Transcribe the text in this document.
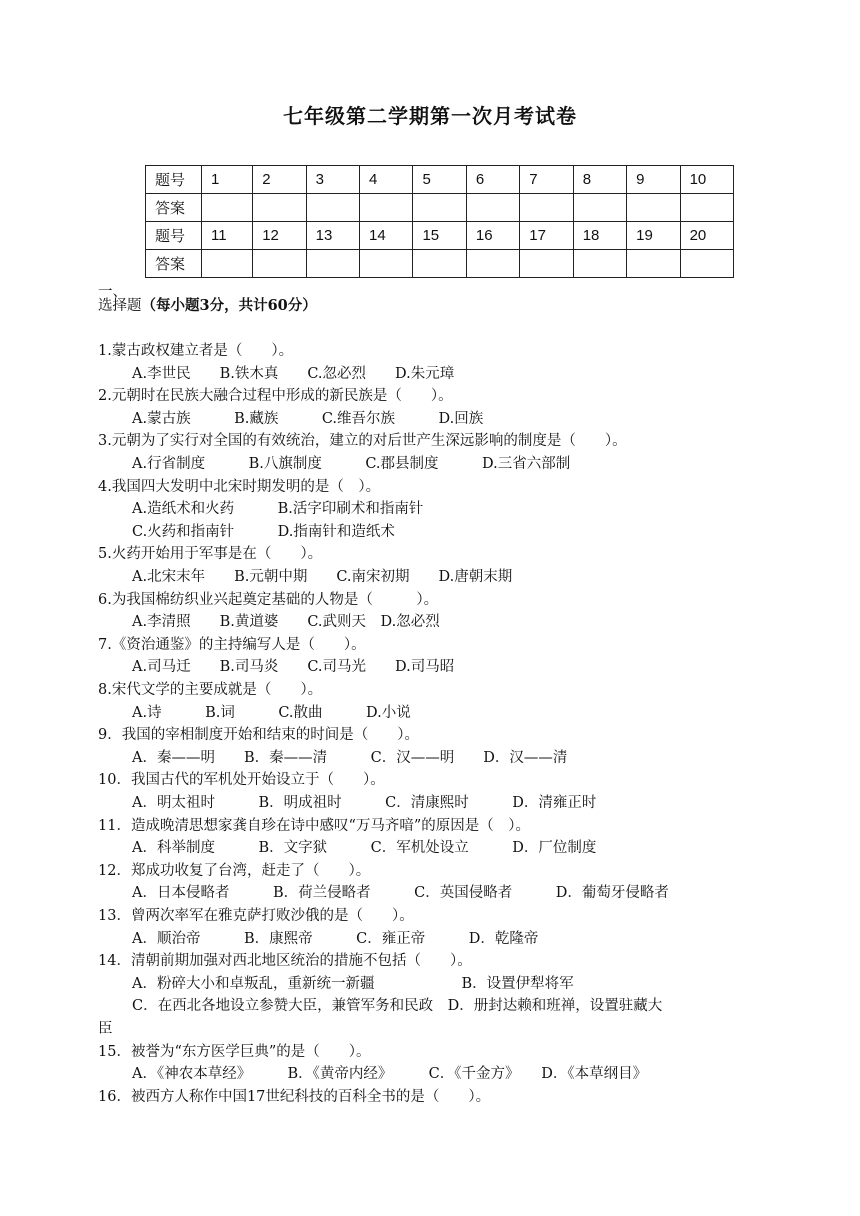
七年级第二学期第一次月考试卷
题号	1	2	3	4	5	6	7	8	9	10
答案										
题号	11	12	13	14	15	16	17	18	19	20
答案										
一、
选择题（每小题3分，共计60分）
1.蒙古政权建立者是（　　）。
A.李世民　　B.铁木真　　C.忽必烈　　D.朱元璋
2.元朝时在民族大融合过程中形成的新民族是（　　）。
A.蒙古族　　　B.藏族　　　C.维吾尔族　　　D.回族
3.元朝为了实行对全国的有效统治，建立的对后世产生深远影响的制度是（　　）。
A.行省制度　　　B.八旗制度　　　C.郡县制度　　　D.三省六部制
4.我国四大发明中北宋时期发明的是（　）。
A.造纸术和火药　　　B.活字印刷术和指南针
C.火药和指南针　　　D.指南针和造纸术
5.火药开始用于军事是在（　　）。
A.北宋末年　　B.元朝中期　　C.南宋初期　　D.唐朝末期
6.为我国棉纺织业兴起奠定基础的人物是（　　　）。
A.李清照　　B.黄道婆　　C.武则天　D.忽必烈
7.《资治通鉴》的主持编写人是（　　）。
A.司马迁　　B.司马炎　　C.司马光　　D.司马昭
8.宋代文学的主要成就是（　　）。
A.诗　　　B.词　　　C.散曲　　　D.小说
9．我国的宰相制度开始和结束的时间是（　　）。
A．秦——明　　B．秦——清　　　C．汉——明　　D．汉——清
10．我国古代的军机处开始设立于（　　）。
A．明太祖时　　　B．明成祖时　　　C．清康熙时　　　D．清雍正时
11．造成晚清思想家龚自珍在诗中感叹“万马齐喑”的原因是（　）。
A．科举制度　　　B．文字狱　　　C．军机处设立　　　D．厂位制度
12．郑成功收复了台湾，赶走了（　　）。
A．日本侵略者　　　B．荷兰侵略者　　　C．英国侵略者　　　D．葡萄牙侵略者
13．曾两次率军在雅克萨打败沙俄的是（　　）。
A．顺治帝　　　B．康熙帝　　　C．雍正帝　　　D．乾隆帝
14．清朝前期加强对西北地区统治的措施不包括（　　）。
A．粉碎大小和卓叛乱，重新统一新疆　　　　　　B．设置伊犁将军
C．在西北各地设立参赞大臣，兼管军务和民政　D．册封达赖和班禅，设置驻藏大
臣
15．被誉为“东方医学巨典”的是（　　）。
A．《神农本草经》　　　B．《黄帝内经》　　　C．《千金方》　　D．《本草纲目》
16．被西方人称作中国17世纪科技的百科全书的是（　　）。
